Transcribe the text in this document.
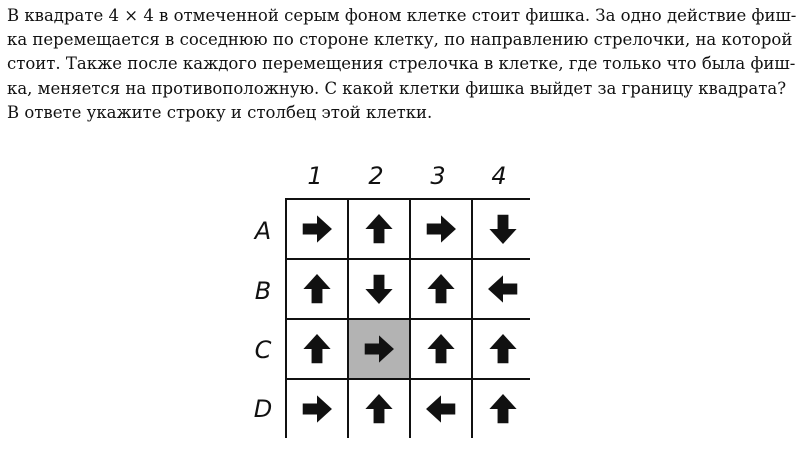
В квадрате 4 × 4 в отмеченной серым фоном клетке стоит фишка. За одно действие фиш-
ка перемещается в соседнюю по стороне клетку, по направлению стрелочки, на которой
стоит. Также после каждого перемещения стрелочка в клетке, где только что была фиш-
ка, меняется на противоположную. С какой клетки фишка выйдет за границу квадрата?
В ответе укажите строку и столбец этой клетки.
1	2	3	4
A
B
C
D
